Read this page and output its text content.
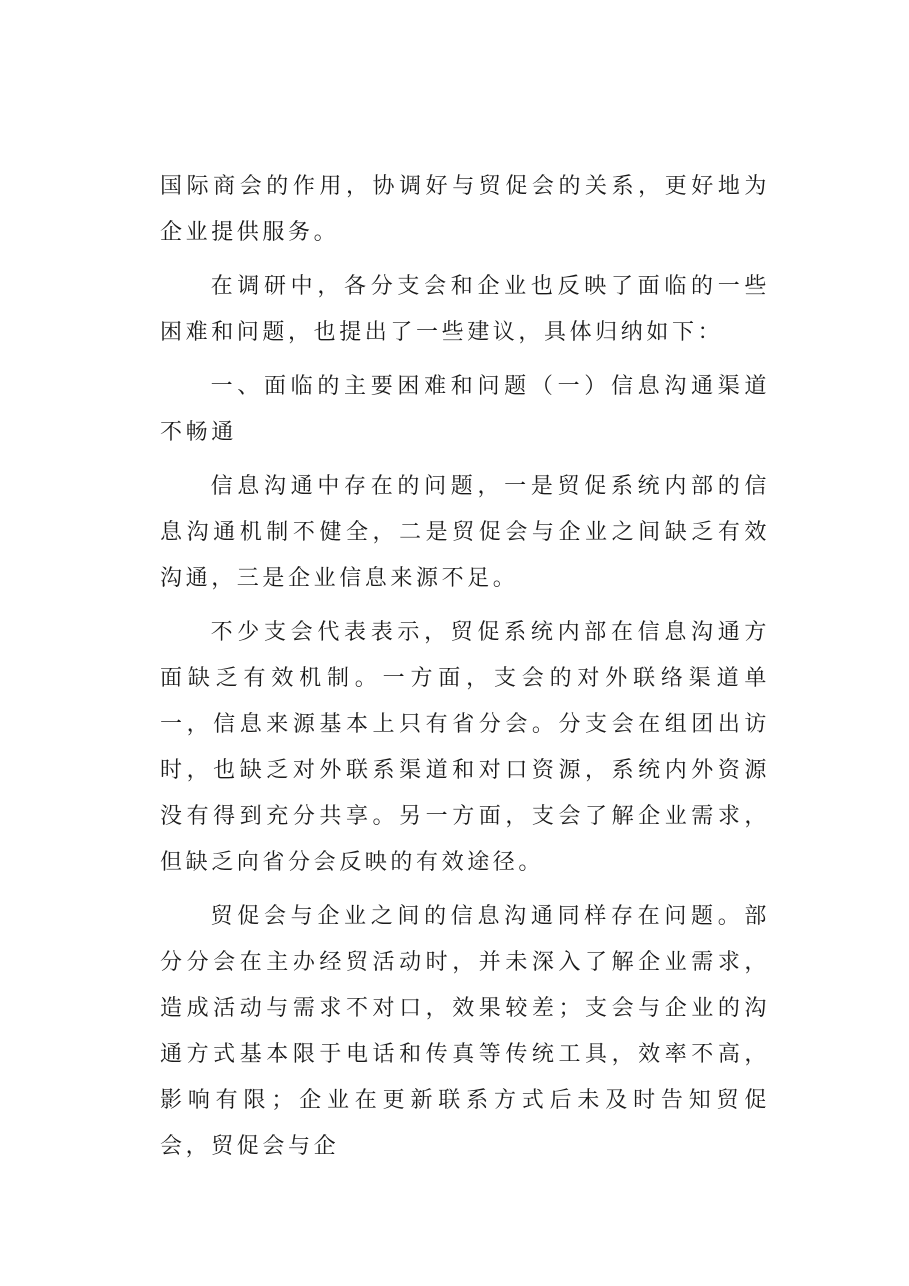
国际商会的作用，协调好与贸促会的关系，更好地为企业提供服务。

在调研中，各分支会和企业也反映了面临的一些困难和问题，也提出了一些建议，具体归纳如下：

一、面临的主要困难和问题（一）信息沟通渠道不畅通

信息沟通中存在的问题，一是贸促系统内部的信息沟通机制不健全，二是贸促会与企业之间缺乏有效沟通，三是企业信息来源不足。

不少支会代表表示，贸促系统内部在信息沟通方面缺乏有效机制。一方面，支会的对外联络渠道单一，信息来源基本上只有省分会。分支会在组团出访时，也缺乏对外联系渠道和对口资源，系统内外资源没有得到充分共享。另一方面，支会了解企业需求，但缺乏向省分会反映的有效途径。

贸促会与企业之间的信息沟通同样存在问题。部分分会在主办经贸活动时，并未深入了解企业需求，造成活动与需求不对口，效果较差；支会与企业的沟通方式基本限于电话和传真等传统工具，效率不高，影响有限；企业在更新联系方式后未及时告知贸促会，贸促会与企
